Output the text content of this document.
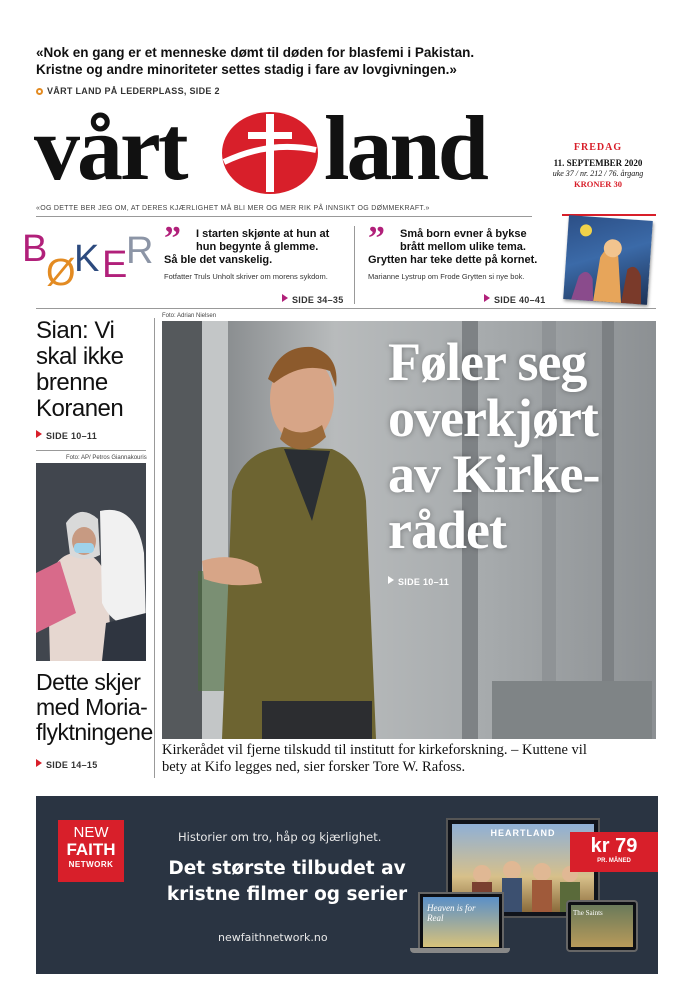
«Nok en gang er et menneske dømt til døden for blasfemi i Pakistan.
Kristne og andre minoriteter settes stadig i fare av lovgivningen.»
VÅRT LAND PÅ LEDERPLASS, SIDE 2
vårt land	FREDAG
11. SEPTEMBER 2020
uke 37 / nr. 212 / 76. årgang
KRONER 30
«OG DETTE BER JEG OM, AT DERES KJÆRLIGHET MÅ BLI MER OG MER RIK PÅ INNSIKT OG DØMMEKRAFT.»
B
Ø
K E
R ” I starten skjønte at hun at
hun begynte å glemme.
Så ble det vanskelig.
Fotfatter Truls Unholt skriver om morens sykdom.
SIDE 34–35
” Små born evner å bykse
brått mellom ulike tema.
Grytten har teke dette på kornet.
Marianne Lystrup om Frode Grytten si nye bok.
SIDE 40–41
Sian: Vi
skal ikke
brenne
Koranen
SIDE 10–11
Foto: AP/ Petros Giannakouris
Dette skjer
med Moria-
flyktningene
SIDE 14–15
Foto: Adrian Nielsen
Føler seg
overkjørt
av Kirke-
rådet
SIDE 10–11
Kirkerådet vil fjerne tilskudd til institutt for kirkeforskning. – Kuttene vil
bety at Kifo legges ned, sier forsker Tore W. Rafoss.
NEW
FAITH
NETWORK
Historier om tro, håp og kjærlighet.
Det største tilbudet av
kristne filmer og serier
newfaithnetwork.no
HEARTLAND
kr 79
PR. MÅNED
Heaven is for Real	The Saints
